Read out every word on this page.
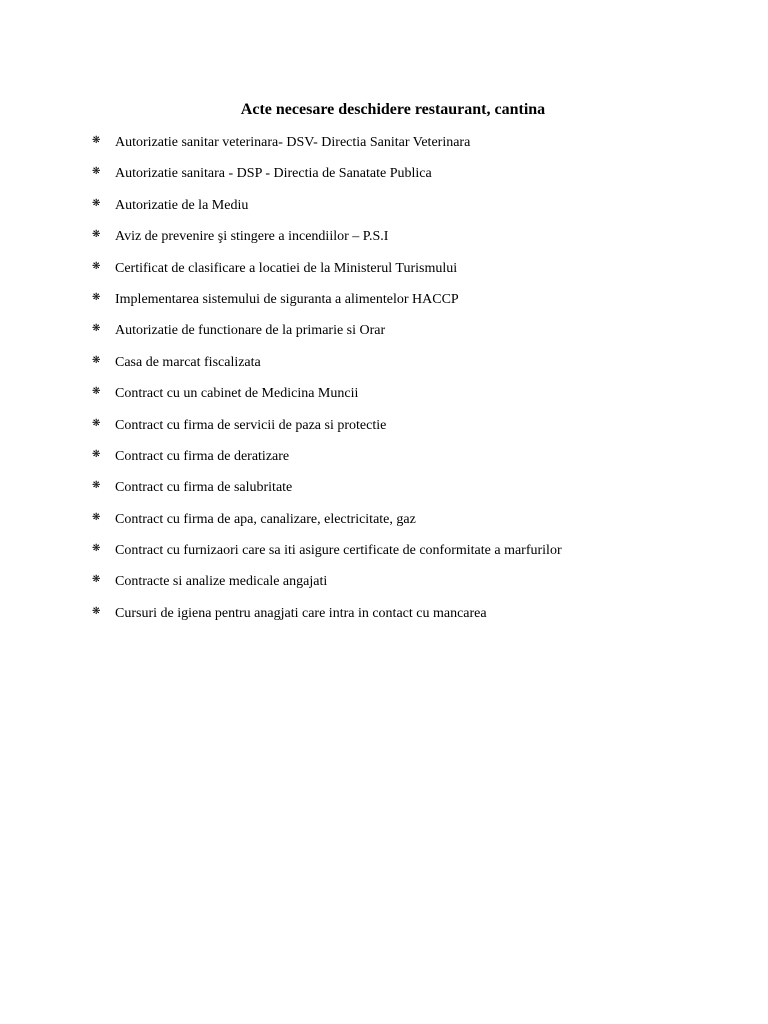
Acte necesare deschidere restaurant, cantina
❋ Autorizatie sanitar veterinara- DSV- Directia Sanitar Veterinara
❋ Autorizatie sanitara - DSP - Directia de Sanatate Publica
❋ Autorizatie de la Mediu
❋ Aviz de prevenire şi stingere a incendiilor – P.S.I
❋ Certificat de clasificare a locatiei de la Ministerul Turismului
❋ Implementarea sistemului de siguranta a alimentelor HACCP
❋ Autorizatie de functionare de la primarie si Orar
❋ Casa de marcat fiscalizata
❋ Contract cu un cabinet de Medicina Muncii
❋ Contract cu firma de servicii de paza si protectie
❋ Contract cu firma de deratizare
❋ Contract cu firma de salubritate
❋ Contract cu firma de apa, canalizare, electricitate, gaz
❋ Contract cu furnizaori care sa iti asigure certificate de conformitate a marfurilor
❋ Contracte si analize medicale angajati
❋ Cursuri de igiena pentru anagjati care intra in contact cu mancarea
